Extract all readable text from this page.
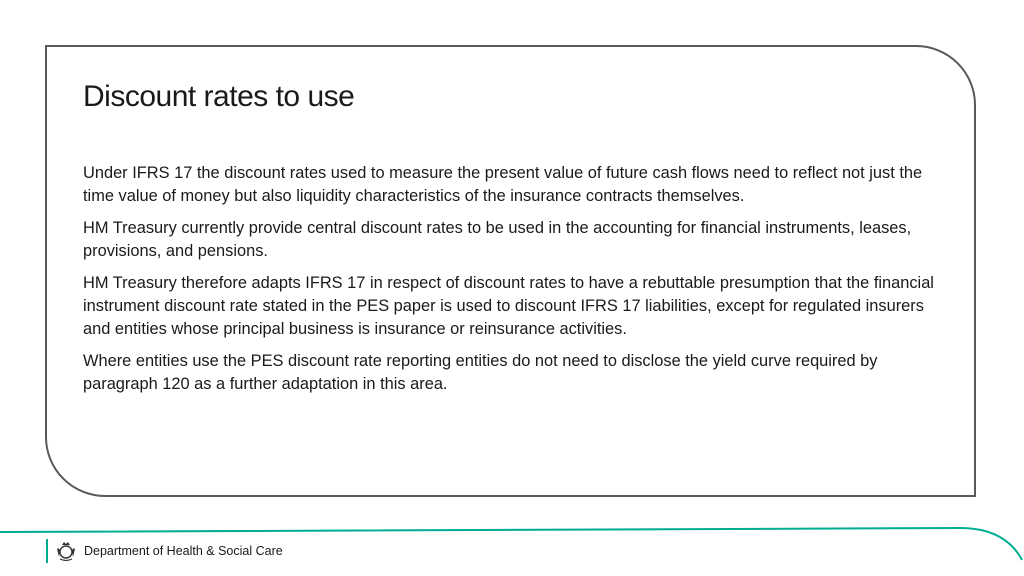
Discount rates to use

Under IFRS 17 the discount rates used to measure the present value of future cash flows need to reflect not just the time value of money but also liquidity characteristics of the insurance contracts themselves.

HM Treasury currently provide central discount rates to be used in the accounting for financial instruments, leases, provisions, and pensions.

HM Treasury therefore adapts IFRS 17 in respect of discount rates to have a rebuttable presumption that the financial instrument discount rate stated in the PES paper is used to discount IFRS 17 liabilities, except for regulated insurers and entities whose principal business is insurance or reinsurance activities.

Where entities use the PES discount rate reporting entities do not need to disclose the yield curve required by paragraph 120 as a further adaptation in this area.

Department of Health & Social Care
